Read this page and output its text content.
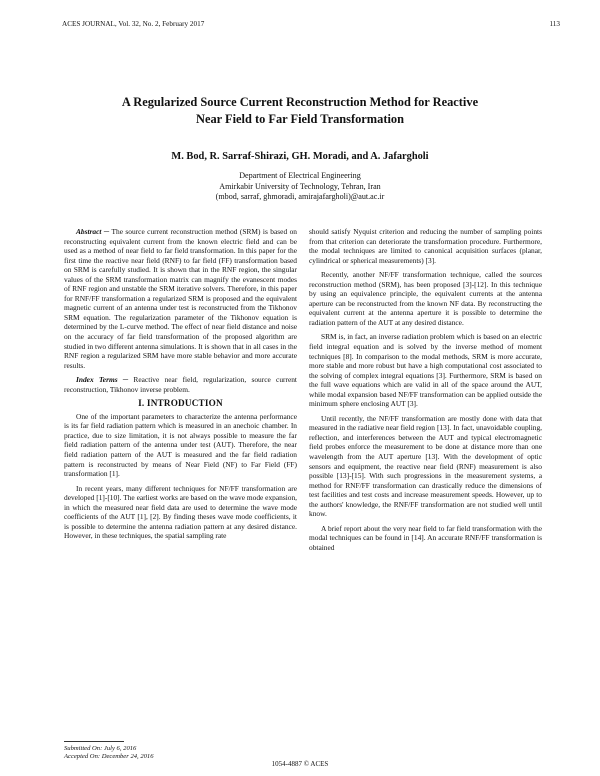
ACES JOURNAL, Vol. 32, No. 2, February 2017	113
A Regularized Source Current Reconstruction Method for Reactive
Near Field to Far Field Transformation
M. Bod, R. Sarraf-Shirazi, GH. Moradi, and A. Jafargholi
Department of Electrical Engineering
Amirkabir University of Technology, Tehran, Iran
(mbod, sarraf, ghmoradi, amirajafargholi)@aut.ac.ir

Abstract ─ The source current reconstruction method (SRM) is based on reconstructing equivalent current from the known electric field and can be used as a method of near field to far field transformation. In this paper for the first time the reactive near field (RNF) to far field (FF) transformation based on SRM is carefully studied. It is shown that in the RNF region, the singular values of the SRM transformation matrix can magnify the evanescent modes of RNF region and unstable the SRM iterative solvers. Therefore, in this paper for RNF/FF transformation a regularized SRM is proposed and the equivalent magnetic current of an antenna under test is reconstructed from the Tikhonov SRM equation. The regularization parameter of the Tikhonov equation is determined by the L-curve method. The effect of near field distance and noise on the accuracy of far field transformation of the proposed algorithm are studied in two different antenna simulations. It is shown that in all cases in the RNF region a regularized SRM have more stable behavior and more accurate results.

Index Terms ─ Reactive near field, regularization, source current reconstruction, Tikhonov inverse problem.

I. INTRODUCTION

One of the important parameters to characterize the antenna performance is its far field radiation pattern which is measured in an anechoic chamber. In practice, due to size limitation, it is not always possible to measure the far field radiation pattern of the antenna under test (AUT). Therefore, the near field radiation pattern of the AUT is measured and the far field radiation pattern is reconstructed by means of Near Field (NF) to Far Field (FF) transformation [1].

In recent years, many different techniques for NF/FF transformation are developed [1]-[10]. The earliest works are based on the wave mode expansion, in which the measured near field data are used to determine the wave mode coefficients of the AUT [1], [2]. By finding theses wave mode coefficients, it is possible to determine the antenna radiation pattern at any desired distance. However, in these techniques, the spatial sampling rate

should satisfy Nyquist criterion and reducing the number of sampling points from that criterion can deteriorate the transformation procedure. Furthermore, the modal techniques are limited to canonical acquisition surfaces (planar, cylindrical or spherical measurements) [3].

Recently, another NF/FF transformation technique, called the sources reconstruction method (SRM), has been proposed [3]-[12]. In this technique by using an equivalence principle, the equivalent currents at the antenna aperture can be reconstructed from the known NF data. By reconstructing the equivalent current at the antenna aperture it is possible to determine the radiation pattern of the AUT at any desired distance.

SRM is, in fact, an inverse radiation problem which is based on an electric field integral equation and is solved by the inverse method of moment techniques [8]. In comparison to the modal methods, SRM is more accurate, more stable and more robust but have a high computational cost associated to the solving of complex integral equations [3]. Furthermore, SRM is based on the full wave equations which are valid in all of the space around the AUT, while modal expansion based NF/FF transformation can be applied outside the minimum sphere enclosing AUT [3].

Until recently, the NF/FF transformation are mostly done with data that measured in the radiative near field region [13]. In fact, unavoidable coupling, reflection, and interferences between the AUT and typical electromagnetic field probes enforce the measurement to be done at distance more than one wavelength from the AUT aperture [13]. With the development of optic sensors and equipment, the reactive near field (RNF) measurement is also possible [13]-[15]. With such progressions in the measurement systems, a method for RNF/FF transformation can drastically reduce the dimensions of test facilities and test costs and increase measurement speeds. However, up to the authors' knowledge, the RNF/FF transformation are not studied well until know.

A brief report about the very near field to far field transformation with the modal techniques can be found in [14]. An accurate RNF/FF transformation is obtained

Submitted On: July 6, 2016
Accepted On: December 24, 2016
1054-4887 © ACES
